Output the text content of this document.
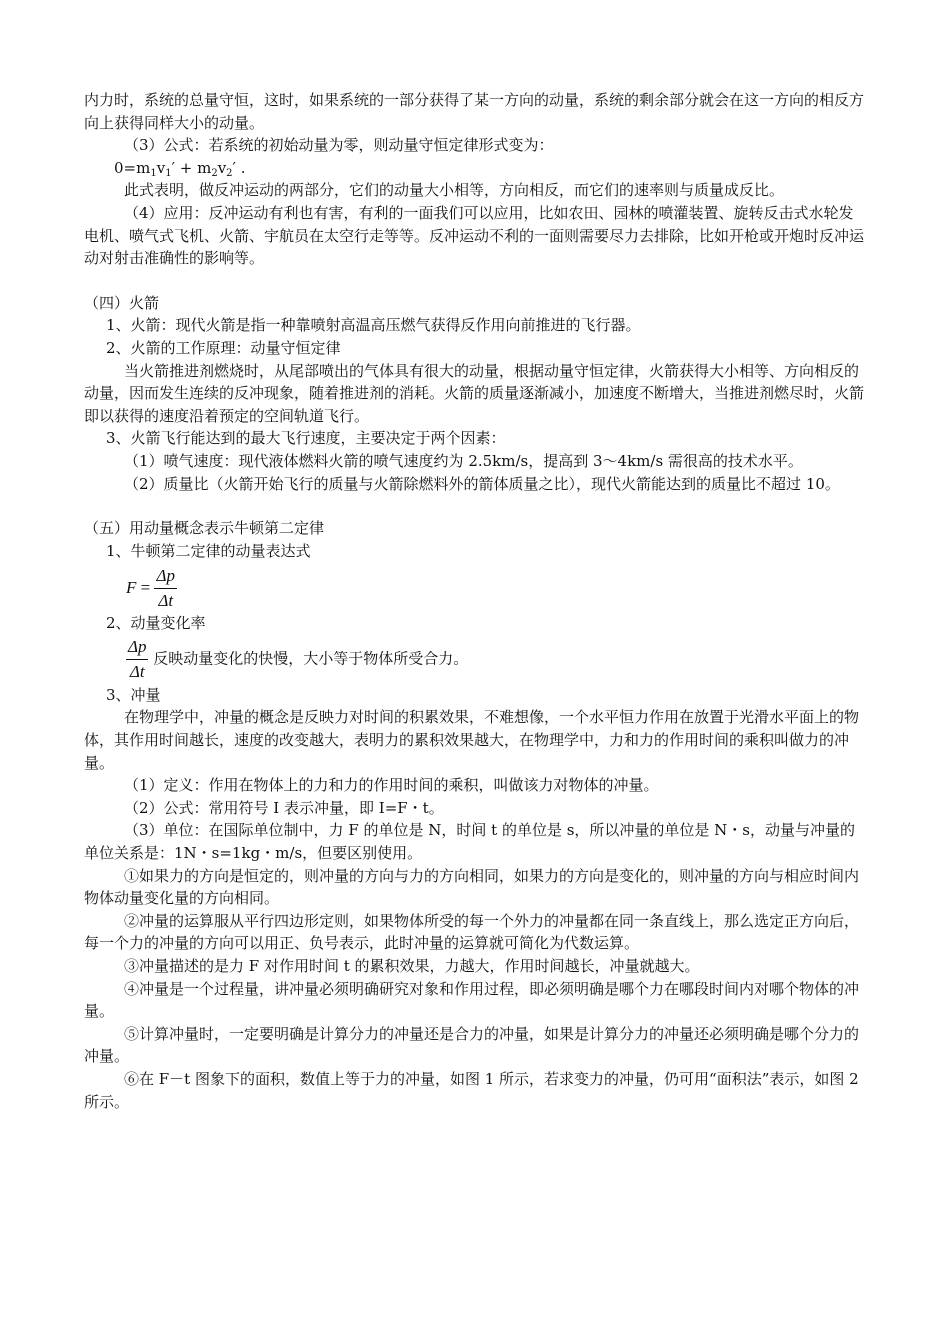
内力时，系统的总量守恒，这时，如果系统的一部分获得了某一方向的动量，系统的剩余部分就会在这一方向的相反方向上获得同样大小的动量。

（3）公式：若系统的初始动量为零，则动量守恒定律形式变为：

$0=m_1v_1' + m_2v_2'$ .

此式表明，做反冲运动的两部分，它们的动量大小相等，方向相反，而它们的速率则与质量成反比。

（4）应用：反冲运动有利也有害，有利的一面我们可以应用，比如农田、园林的喷灌装置、旋转反击式水轮发电机、喷气式飞机、火箭、宇航员在太空行走等等。反冲运动不利的一面则需要尽力去排除，比如开枪或开炮时反冲运动对射击准确性的影响等。

（四）火箭

1、火箭：现代火箭是指一种靠喷射高温高压燃气获得反作用向前推进的飞行器。

2、火箭的工作原理：动量守恒定律

当火箭推进剂燃烧时，从尾部喷出的气体具有很大的动量，根据动量守恒定律，火箭获得大小相等、方向相反的动量，因而发生连续的反冲现象，随着推进剂的消耗。火箭的质量逐渐减小，加速度不断增大，当推进剂燃尽时，火箭即以获得的速度沿着预定的空间轨道飞行。

3、火箭飞行能达到的最大飞行速度，主要决定于两个因素：

（1）喷气速度：现代液体燃料火箭的喷气速度约为 2.5km/s，提高到 3～4km/s 需很高的技术水平。

（2）质量比（火箭开始飞行的质量与火箭除燃料外的箭体质量之比），现代火箭能达到的质量比不超过 10。

（五）用动量概念表示牛顿第二定律

1、牛顿第二定律的动量表达式

$F = \frac{\Delta p}{\Delta t}$

2、动量变化率

$\frac{\Delta p}{\Delta t}$ 反映动量变化的快慢，大小等于物体所受合力。

3、冲量

在物理学中，冲量的概念是反映力对时间的积累效果，不难想像，一个水平恒力作用在放置于光滑水平面上的物体，其作用时间越长，速度的改变越大，表明力的累积效果越大，在物理学中，力和力的作用时间的乘积叫做力的冲量。

（1）定义：作用在物体上的力和力的作用时间的乘积，叫做该力对物体的冲量。

（2）公式：常用符号 I 表示冲量，即 I=F・t。

（3）单位：在国际单位制中，力 F 的单位是 N，时间 t 的单位是 s，所以冲量的单位是 N・s，动量与冲量的单位关系是：1N・s=1kg・m/s，但要区别使用。

①如果力的方向是恒定的，则冲量的方向与力的方向相同，如果力的方向是变化的，则冲量的方向与相应时间内物体动量变化量的方向相同。

②冲量的运算服从平行四边形定则，如果物体所受的每一个外力的冲量都在同一条直线上，那么选定正方向后，每一个力的冲量的方向可以用正、负号表示，此时冲量的运算就可简化为代数运算。

③冲量描述的是力 F 对作用时间 t 的累积效果，力越大，作用时间越长，冲量就越大。

④冲量是一个过程量，讲冲量必须明确研究对象和作用过程，即必须明确是哪个力在哪段时间内对哪个物体的冲量。

⑤计算冲量时，一定要明确是计算分力的冲量还是合力的冲量，如果是计算分力的冲量还必须明确是哪个分力的冲量。

⑥在 F－t 图象下的面积，数值上等于力的冲量，如图 1 所示，若求变力的冲量，仍可用“面积法”表示，如图 2 所示。
